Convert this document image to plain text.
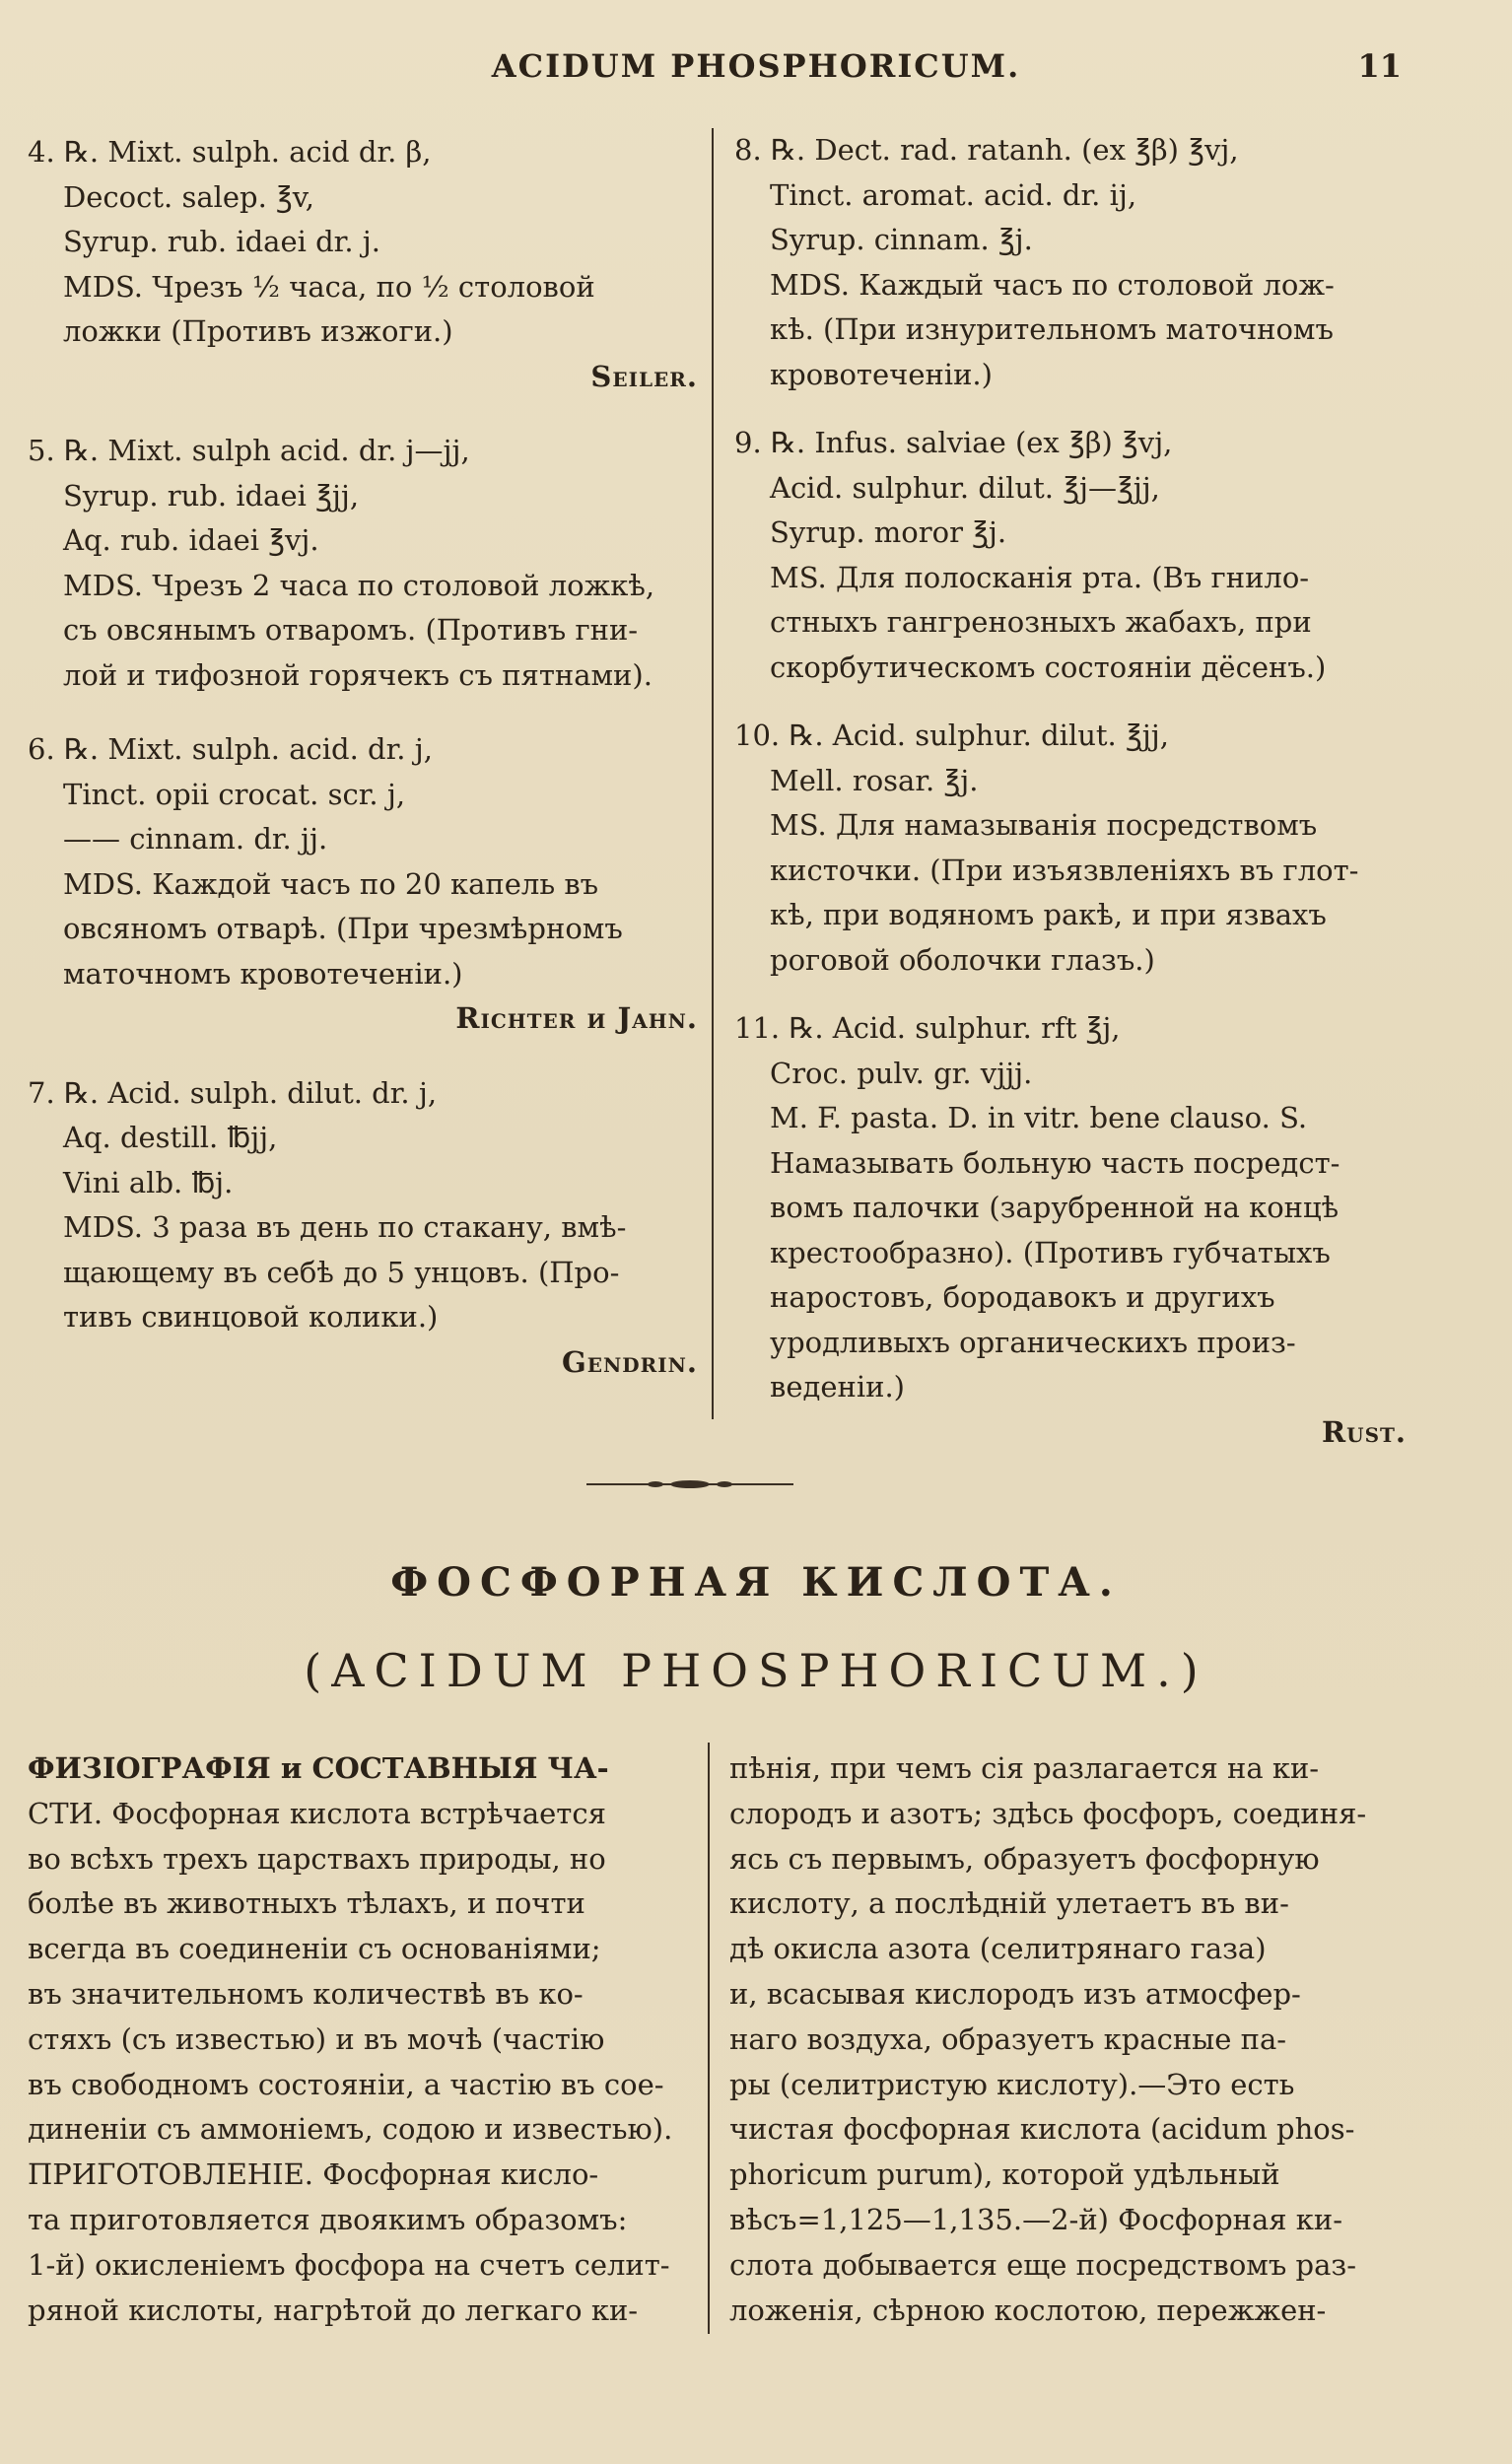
ACIDUM PHOSPHORICUM.	11
4. ℞. Mixt. sulph. acid dr. β,
Decoct. salep. ℥v,
Syrup. rub. idaei dr. j.
MDS. Чрезъ ½ часа, по ½ столовой
ложки (Противъ изжоги.)
Seiler.
5. ℞. Mixt. sulph acid. dr. j—jj,
Syrup. rub. idaei ℥jj,
Aq. rub. idaei ℥vj.
MDS. Чрезъ 2 часа по столовой ложкѣ,
съ овсянымъ отваромъ. (Противъ гни-
лой и тифозной горячекъ съ пятнами).
6. ℞. Mixt. sulph. acid. dr. j,
Tinct. opii crocat. scr. j,
—— cinnam. dr. jj.
MDS. Каждой часъ по 20 капель въ
овсяномъ отварѣ. (При чрезмѣрномъ
маточномъ кровотеченіи.)
Richter и Jahn.
7. ℞. Acid. sulph. dilut. dr. j,
Aq. destill. ℔jj,
Vini alb. ℔j.
MDS. 3 раза въ день по стакану, вмѣ-
щающему въ себѣ до 5 унцовъ. (Про-
тивъ свинцовой колики.)
Gendrin.
8. ℞. Dect. rad. ratanh. (ex ℥β) ℥vj,
Tinct. aromat. acid. dr. ij,
Syrup. cinnam. ℥j.
MDS. Каждый часъ по столовой лож-
кѣ. (При изнурительномъ маточномъ
кровотеченіи.)
9. ℞. Infus. salviae (ex ℥β) ℥vj,
Acid. sulphur. dilut. ℥j—℥jj,
Syrup. moror ℥j.
MS. Для полосканія рта. (Въ гнило-
стныхъ гангренозныхъ жабахъ, при
скорбутическомъ состояніи дёсенъ.)
10. ℞. Acid. sulphur. dilut. ℥jj,
Mell. rosar. ℥j.
MS. Для намазыванія посредствомъ
кисточки. (При изъязвленіяхъ въ глот-
кѣ, при водяномъ ракѣ, и при язвахъ
роговой оболочки глазъ.)
11. ℞. Acid. sulphur. rft ℥j,
Croc. pulv. gr. vjjj.
M. F. pasta. D. in vitr. bene clauso. S.
Намазывать больную часть посредст-
вомъ палочки (зарубренной на концѣ
крестообразно). (Противъ губчатыхъ
наростовъ, бородавокъ и другихъ
уродливыхъ органическихъ произ-
веденіи.)
Rust.
ФОСФОРНАЯ КИСЛОТА.
(ACIDUM PHOSPHORICUM.)
ФИЗІОГРАФІЯ и СОСТАВНЫЯ ЧА-
СТИ. Фосфорная кислота встрѣчается
во всѣхъ трехъ царствахъ природы, но
болѣе въ животныхъ тѣлахъ, и почти
всегда въ соединеніи съ основаніями;
въ значительномъ количествѣ въ ко-
стяхъ (съ известью) и въ мочѣ (частію
въ свободномъ состояніи, а частію въ сое-
диненіи съ аммоніемъ, содою и известью).
ПРИГОТОВЛЕНІЕ. Фосфорная кисло-
та приготовляется двоякимъ образомъ:
1-й) окисленіемъ фосфора на счетъ селит-
ряной кислоты, нагрѣтой до легкаго ки-
пѣнія, при чемъ сія разлагается на ки-
слородъ и азотъ; здѣсь фосфоръ, соединя-
ясь съ первымъ, образуетъ фосфорную
кислоту, а послѣдній улетаетъ въ ви-
дѣ окисла азота (селитрянаго газа)
и, всасывая кислородъ изъ атмосфер-
наго воздуха, образуетъ красные па-
ры (селитристую кислоту).—Это есть
чистая фосфорная кислота (acidum phos-
phoricum purum), которой удѣльный
вѣсъ=1,125—1,135.—2-й) Фосфорная ки-
слота добывается еще посредствомъ раз-
ложенія, сѣрною кослотою, пережжен-
